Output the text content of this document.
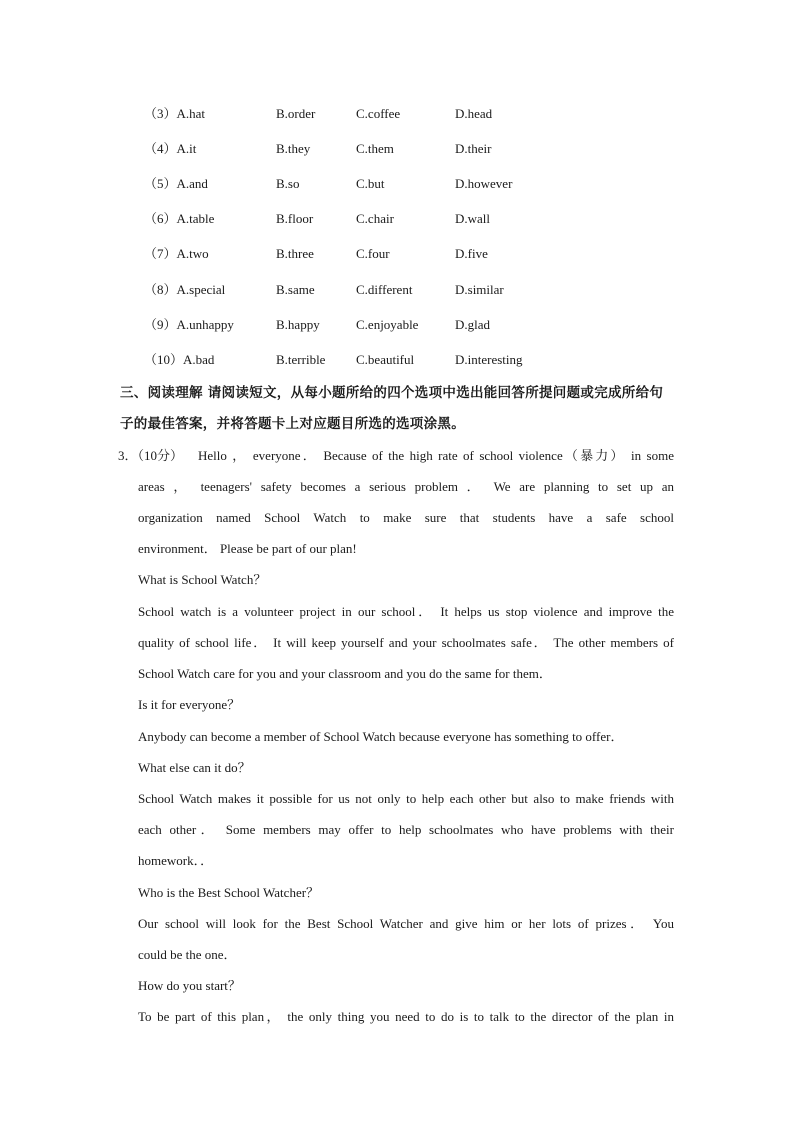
（3）A.hat	B.order	C.coffee	D.head
（4）A.it	B.they	C.them	D.their
（5）A.and	B.so	C.but	D.however
（6）A.table	B.floor	C.chair	D.wall
（7）A.two	B.three	C.four	D.five
（8）A.special	B.same	C.different	D.similar
（9）A.unhappy	B.happy	C.enjoyable	D.glad
（10）A.bad	B.terrible C.beautiful	D.interesting
三、阅读理解 请阅读短文，从每小题所给的四个选项中选出能回答所提问题或完成所给句子的最佳答案，并将答题卡上对应题目所选的选项涂黑。
3．（10分） Hello ， everyone． Because of the high rate of school violence（暴力） in some
areas ， teenagers' safety becomes a serious problem ． We are planning to set up an
organization named School Watch to make sure that students have a safe school
environment． Please be part of our plan!
What is School Watch？
School watch is a volunteer project in our school． It helps us stop violence and improve the
quality of school life． It will keep yourself and your schoolmates safe． The other members of
School Watch care for you and your classroom and you do the same for them．
Is it for everyone？
Anybody can become a member of School Watch because everyone has something to offer．
What else can it do？
School Watch makes it possible for us not only to help each other but also to make friends with
each other． Some members may offer to help schoolmates who have problems with their
homework．．
Who is the Best School Watcher？
Our school will look for the Best School Watcher and give him or her lots of prizes． You
could be the one．
How do you start？
To be part of this plan， the only thing you need to do is to talk to the director of the plan in
